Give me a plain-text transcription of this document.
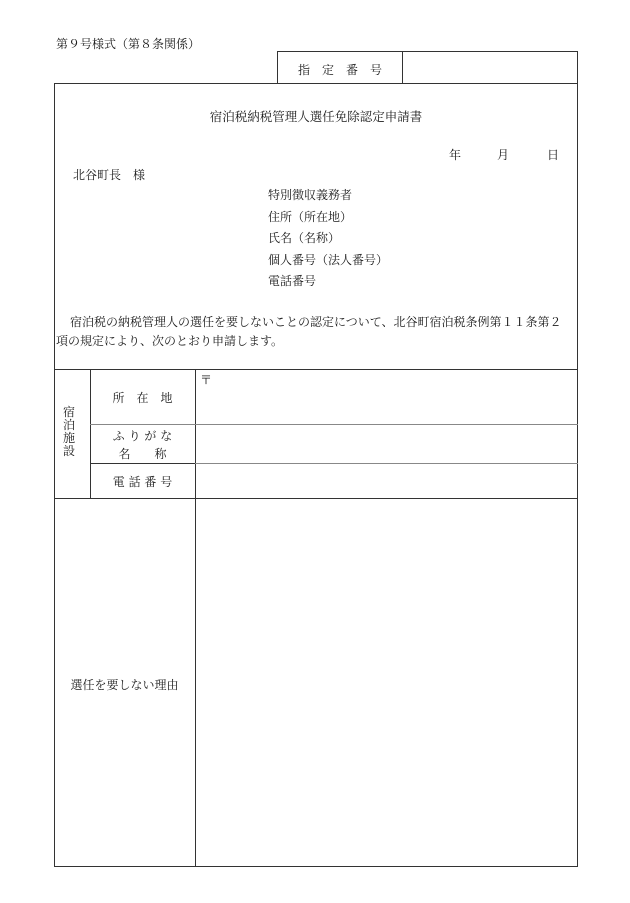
第９号様式（第８条関係）
指　定　番　号
宿泊税納税管理人選任免除認定申請書
年	月	日
北谷町長　様
特別徴収義務者
住所（所在地）
氏名（名称）
個人番号（法人番号）
電話番号
宿泊税の納税管理人の選任を要しないことの認定について、北谷町宿泊税条例第１１条第２
項の規定により、次のとおり申請します。
宿泊施設
所　在　地
〒
ふ り が な
名　　称
電 話 番 号
選任を要しない理由
